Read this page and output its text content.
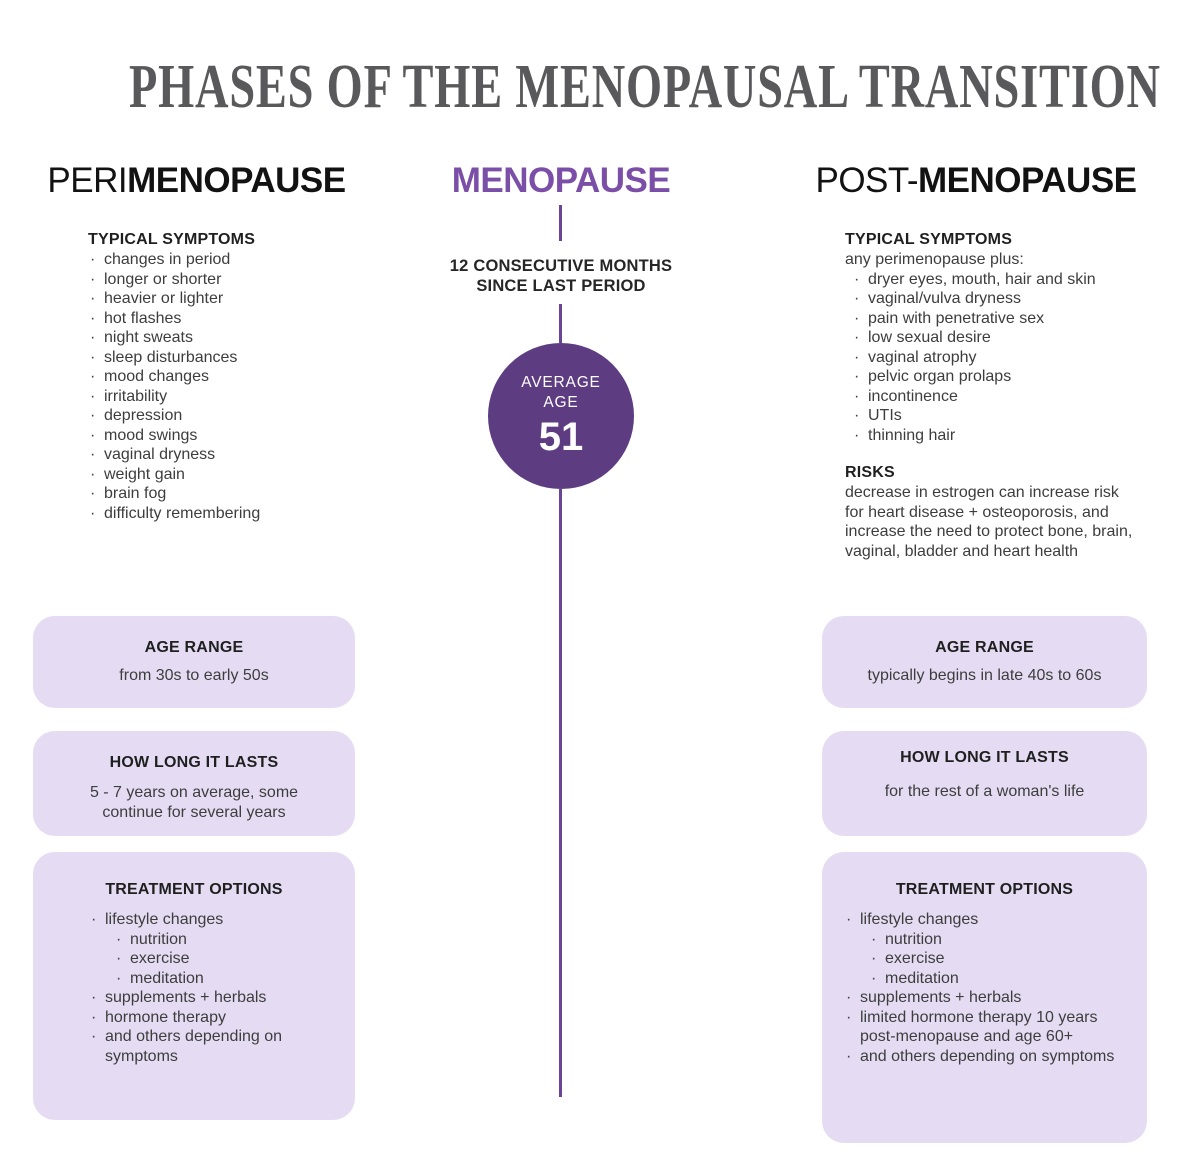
PHASES OF THE MENOPAUSAL TRANSITION
PERIMENOPAUSE	MENOPAUSE	POST-MENOPAUSE
TYPICAL SYMPTOMS
· changes in period
· longer or shorter
· heavier or lighter
· hot flashes
· night sweats
· sleep disturbances
· mood changes
· irritability
· depression
· mood swings
· vaginal dryness
· weight gain
· brain fog
· difficulty remembering
12 CONSECUTIVE MONTHS SINCE LAST PERIOD
AVERAGE
AGE
51
TYPICAL SYMPTOMS
any perimenopause plus:
· dryer eyes, mouth, hair and skin
· vaginal/vulva dryness
· pain with penetrative sex
· low sexual desire
· vaginal atrophy
· pelvic organ prolaps
· incontinence
· UTIs
· thinning hair
RISKS
decrease in estrogen can increase risk for heart disease + osteoporosis, and increase the need to protect bone, brain, vaginal, bladder and heart health
AGE RANGE
from 30s to early 50s
HOW LONG IT LASTS
5 - 7 years on average, some continue for several years
TREATMENT OPTIONS
· lifestyle changes
· nutrition
· exercise
· meditation
· supplements + herbals
· hormone therapy
· and others depending on symptoms
AGE RANGE
typically begins in late 40s to 60s
HOW LONG IT LASTS
for the rest of a woman's life
TREATMENT OPTIONS
· lifestyle changes
· nutrition
· exercise
· meditation
· supplements + herbals
· limited hormone therapy 10 years post-menopause and age 60+
· and others depending on symptoms
